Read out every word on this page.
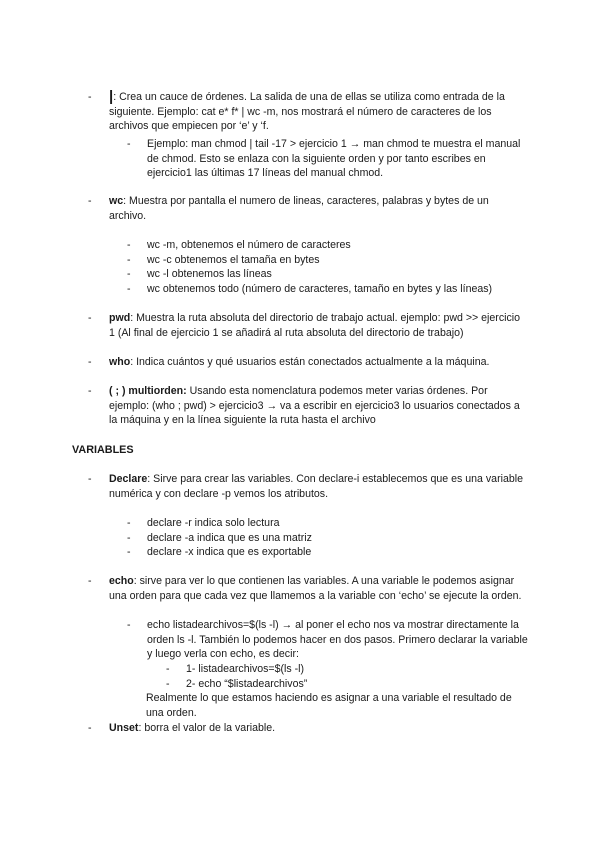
- |: Crea un cauce de órdenes. La salida de una de ellas se utiliza como entrada de la siguiente. Ejemplo: cat e* f* | wc -m, nos mostrará el número de caracteres de los archivos que empiecen por ‘e’ y ‘f.
- Ejemplo: man chmod | tail -17 > ejercicio 1 → man chmod te muestra el manual de chmod. Esto se enlaza con la siguiente orden y por tanto escribes en ejercicio1 las últimas 17 líneas del manual chmod.
- wc: Muestra por pantalla el numero de lineas, caracteres, palabras y bytes de un archivo.
- wc -m, obtenemos el número de caracteres
- wc -c obtenemos el tamaña en bytes
- wc -l obtenemos las líneas
- wc obtenemos todo (número de caracteres, tamaño en bytes y las líneas)
- pwd: Muestra la ruta absoluta del directorio de trabajo actual. ejemplo: pwd >> ejercicio 1 (Al final de ejercicio 1 se añadirá al ruta absoluta del directorio de trabajo)
- who: Indica cuántos y qué usuarios están conectados actualmente a la máquina.
- ( ; ) multiorden: Usando esta nomenclatura podemos meter varias órdenes. Por ejemplo: (who ; pwd) > ejercicio3 → va a escribir en ejercicio3 lo usuarios conectados a la máquina y en la línea siguiente la ruta hasta el archivo
VARIABLES
- Declare: Sirve para crear las variables. Con declare-i establecemos que es una variable numérica y con declare -p vemos los atributos.
- declare -r indica solo lectura
- declare -a indica que es una matriz
- declare -x indica que es exportable
- echo: sirve para ver lo que contienen las variables. A una variable le podemos asignar una orden para que cada vez que llamemos a la variable con ‘echo’ se ejecute la orden.
- echo listadearchivos=$(ls -l) → al poner el echo nos va mostrar directamente la orden ls -l. También lo podemos hacer en dos pasos. Primero declarar la variable y luego verla con echo, es decir:
- 1- listadearchivos=$(ls -l)
- 2- echo “$listadearchivos”
Realmente lo que estamos haciendo es asignar a una variable el resultado de una orden.
- Unset: borra el valor de la variable.
